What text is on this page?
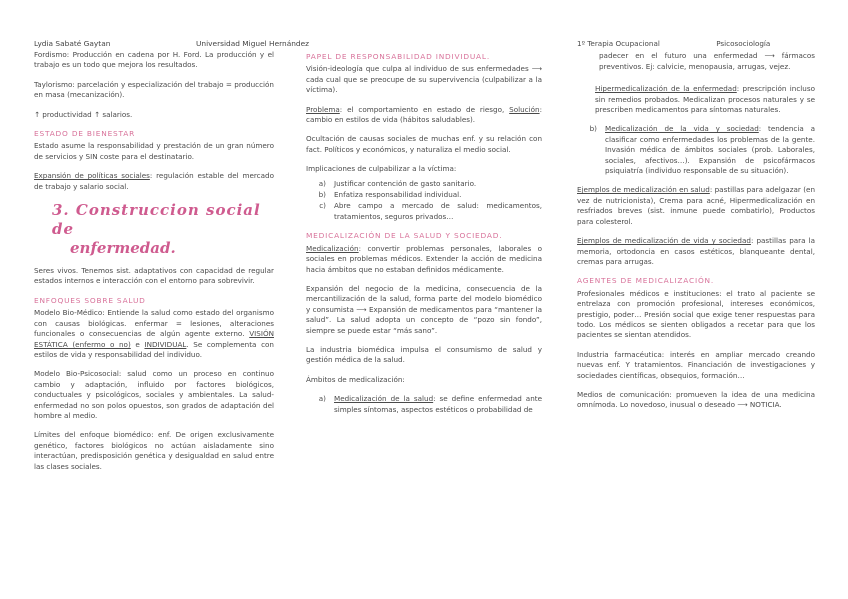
Lydia Sabaté Gaytan	Universidad Miguel Hernández

Fordismo: Producción en cadena por H. Ford. La producción y el trabajo es un todo que mejora los resultados.

Taylorismo: parcelación y especialización del trabajo = producción en masa (mecanización).

↑ productividad ↑ salarios.

ESTADO DE BIENESTAR

Estado asume la responsabilidad y prestación de un gran número de servicios y SIN coste para el destinatario.

Expansión de políticas sociales: regulación estable del mercado de trabajo y salario social.

3. Construccion social de
enfermedad.

Seres vivos. Tenemos sist. adaptativos con capacidad de regular estados internos e interacción con el entorno para sobrevivir.

ENFOQUES SOBRE SALUD

Modelo Bio-Médico: Entiende la salud como estado del organismo con causas biológicas. enfermar = lesiones, alteraciones funcionales o consecuencias de algún agente externo. VISIÓN ESTÁTICA (enfermo o no) e INDIVIDUAL. Se complementa con estilos de vida y responsabilidad del individuo.

Modelo Bio-Psicosocial: salud como un proceso en continuo cambio y adaptación, influido por factores biológicos, conductuales y psicológicos, sociales y ambientales. La salud-enfermedad no son polos opuestos, son grados de adaptación del hombre al medio.

Límites del enfoque biomédico: enf. De origen exclusivamente genético, factores biológicos no actúan aisladamente sino interactúan, predisposición genética y desigualdad en salud entre las clases sociales.

PAPEL DE RESPONSABILIDAD INDIVIDUAL.

Visión-ideología que culpa al individuo de sus enfermedades ⟶ cada cual que se preocupe de su supervivencia (culpabilizar a la víctima).

Problema: el comportamiento en estado de riesgo, Solución: cambio en estilos de vida (hábitos saludables).

Ocultación de causas sociales de muchas enf. y su relación con fact. Políticos y económicos, y naturaliza el medio social.

Implicaciones de culpabilizar a la víctima:

a)	Justificar contención de gasto sanitario.
b)	Enfatiza responsabilidad individual.
c)	Abre campo a mercado de salud: medicamentos, tratamientos, seguros privados…
MEDICALIZACIÓN DE LA SALUD Y SOCIEDAD.

Medicalización: convertir problemas personales, laborales o sociales en problemas médicos. Extender la acción de medicina hacia ámbitos que no estaban definidos médicamente.

Expansión del negocio de la medicina, consecuencia de la mercantilización de la salud, forma parte del modelo biomédico y consumista ⟶ Expansión de medicamentos para “mantener la salud”. La salud adopta un concepto de “pozo sin fondo”, siempre se puede estar “más sano”.

La industria biomédica impulsa el consumismo de salud y gestión médica de la salud.

Ámbitos de medicalización:

a)	Medicalización de la salud: se define enfermedad ante simples síntomas, aspectos estéticos o probabilidad de
1º Terapia Ocupacional	Psicosociología

padecer en el futuro una enfermedad ⟶ fármacos preventivos. Ej: calvicie, menopausia, arrugas, vejez.

Hipermedicalización de la enfermedad: prescripción incluso sin remedios probados. Medicalizan procesos naturales y se prescriben medicamentos para síntomas naturales.

b)	Medicalización de la vida y sociedad: tendencia a clasificar como enfermedades los problemas de la gente. Invasión médica de ámbitos sociales (prob. Laborales, sociales, afectivos…). Expansión de psicofármacos psiquiatría (individuo responsable de su situación).

Ejemplos de medicalización en salud: pastillas para adelgazar (en vez de nutricionista), Crema para acné, Hipermedicalización en resfriados breves (sist. inmune puede combatirlo), Productos para colesterol.

Ejemplos de medicalización de vida y sociedad: pastillas para la memoria, ortodoncia en casos estéticos, blanqueante dental, cremas para arrugas.

AGENTES DE MEDICALIZACIÓN.

Profesionales médicos e instituciones: el trato al paciente se entrelaza con promoción profesional, intereses económicos, prestigio, poder… Presión social que exige tener respuestas para todo. Los médicos se sienten obligados a recetar para que los pacientes se sientan atendidos.

Industria farmacéutica: interés en ampliar mercado creando nuevas enf. Y tratamientos. Financiación de investigaciones y sociedades científicas, obsequios, formación…

Medios de comunicación: promueven la idea de una medicina omnímoda. Lo novedoso, inusual o deseado ⟶ NOTICIA.
